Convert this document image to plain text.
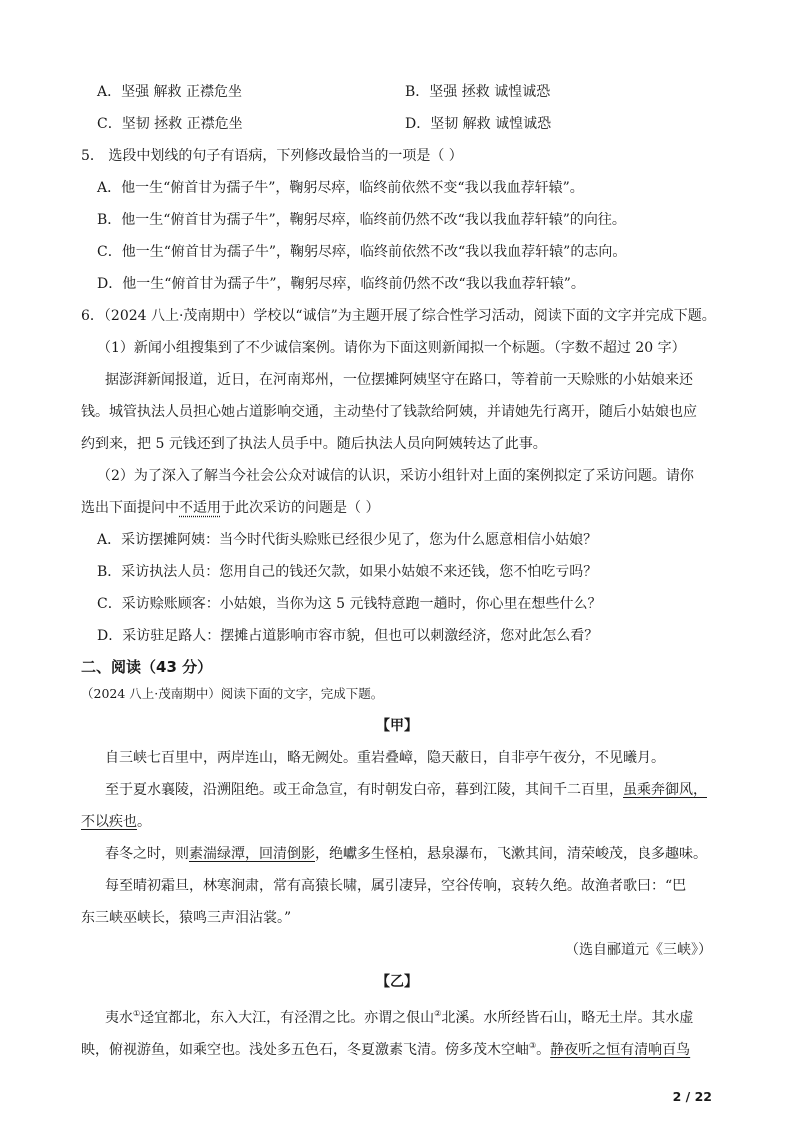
A．坚强 解救 正襟危坐	B．坚强 拯救 诚惶诚恐
C．坚韧 拯救 正襟危坐	D．坚韧 解救 诚惶诚恐
5． 选段中划线的句子有语病，下列修改最恰当的一项是（ ）
A．他一生“俯首甘为孺子牛”，鞠躬尽瘁，临终前依然不变“我以我血荐轩辕”。
B．他一生“俯首甘为孺子牛”，鞠躬尽瘁，临终前仍然不改“我以我血荐轩辕”的向往。
C．他一生“俯首甘为孺子牛”，鞠躬尽瘁，临终前依然不改“我以我血荐轩辕”的志向。
D．他一生“俯首甘为孺子牛”，鞠躬尽瘁，临终前仍然不改“我以我血荐轩辕”。
6．（2024 八上·茂南期中）学校以“诚信”为主题开展了综合性学习活动，阅读下面的文字并完成下题。
（1）新闻小组搜集到了不少诚信案例。请你为下面这则新闻拟一个标题。（字数不超过 20 字）
据澎湃新闻报道，近日，在河南郑州，一位摆摊阿姨坚守在路口，等着前一天赊账的小姑娘来还
钱。城管执法人员担心她占道影响交通，主动垫付了钱款给阿姨，并请她先行离开，随后小姑娘也应
约到来，把 5 元钱还到了执法人员手中。随后执法人员向阿姨转达了此事。
（2）为了深入了解当今社会公众对诚信的认识，采访小组针对上面的案例拟定了采访问题。请你
选出下面提问中不适用于此次采访的问题是（ ）
A．采访摆摊阿姨：当今时代街头赊账已经很少见了，您为什么愿意相信小姑娘？
B．采访执法人员：您用自己的钱还欠款，如果小姑娘不来还钱，您不怕吃亏吗？
C．采访赊账顾客：小姑娘，当你为这 5 元钱特意跑一趟时，你心里在想些什么？
D．采访驻足路人：摆摊占道影响市容市貌，但也可以刺激经济，您对此怎么看？
二、阅读（43 分）
（2024 八上·茂南期中）阅读下面的文字，完成下题。
【甲】
自三峡七百里中，两岸连山，略无阙处。重岩叠嶂，隐天蔽日，自非亭午夜分，不见曦月。
至于夏水襄陵，沿溯阻绝。或王命急宣，有时朝发白帝，暮到江陵，其间千二百里，虽乘奔御风，
不以疾也。
春冬之时，则素湍绿潭，回清倒影，绝巘多生怪柏，悬泉瀑布，飞漱其间，清荣峻茂，良多趣味。
每至晴初霜旦，林寒涧肃，常有高猿长啸，属引凄异，空谷传响，哀转久绝。故渔者歌曰：“巴
东三峡巫峡长，猿鸣三声泪沾裳。”
（选自郦道元《三峡》）
【乙】
夷水①迳宜都北，东入大江，有泾渭之比。亦谓之佷山②北溪。水所经皆石山，略无土岸。其水虚
映，俯视游鱼，如乘空也。浅处多五色石，冬夏激素飞清。傍多茂木空岫③。静夜听之恒有清响百鸟
2 / 22
